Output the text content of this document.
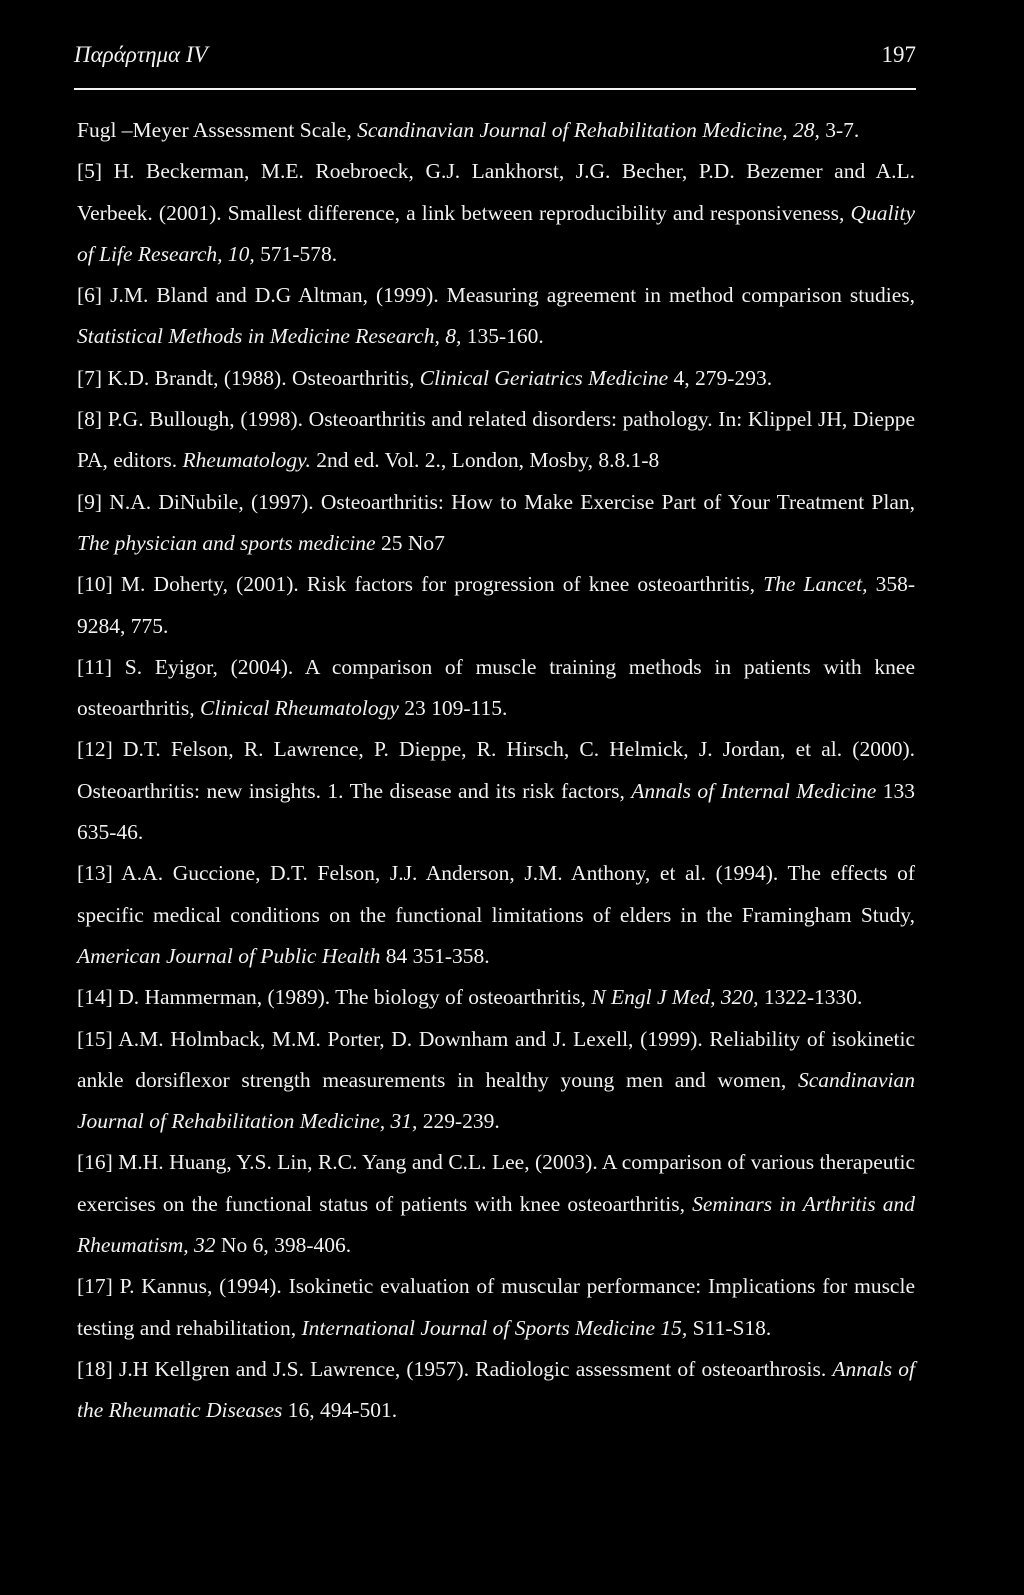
Παράρτημα IV	197

Fugl –Meyer Assessment Scale, Scandinavian Journal of Rehabilitation Medicine, 28, 3-7.

[5] H. Beckerman, M.E. Roebroeck, G.J. Lankhorst, J.G. Becher, P.D. Bezemer and A.L. Verbeek. (2001). Smallest difference, a link between reproducibility and responsiveness, Quality of Life Research, 10, 571-578.

[6] J.M. Bland and D.G Altman, (1999). Measuring agreement in method comparison studies, Statistical Methods in Medicine Research, 8, 135-160.

[7] K.D. Brandt, (1988). Osteoarthritis, Clinical Geriatrics Medicine 4, 279-293.

[8] P.G. Bullough, (1998). Osteoarthritis and related disorders: pathology. In: Klippel JH, Dieppe PA, editors. Rheumatology. 2nd ed. Vol. 2., London, Mosby, 8.8.1-8

[9] N.A. DiNubile, (1997). Osteoarthritis: How to Make Exercise Part of Your Treatment Plan, The physician and sports medicine 25 No7

[10] M. Doherty, (2001). Risk factors for progression of knee osteoarthritis, The Lancet, 358-9284, 775.

[11] S. Eyigor, (2004). A comparison of muscle training methods in patients with knee osteoarthritis, Clinical Rheumatology 23 109-115.

[12] D.T. Felson, R. Lawrence, P. Dieppe, R. Hirsch, C. Helmick, J. Jordan, et al. (2000). Osteoarthritis: new insights. 1. The disease and its risk factors, Annals of Internal Medicine 133 635-46.

[13] A.A. Guccione, D.T. Felson, J.J. Anderson, J.M. Anthony, et al. (1994). The effects of specific medical conditions on the functional limitations of elders in the Framingham Study, American Journal of Public Health 84 351-358.

[14] D. Hammerman, (1989). The biology of osteoarthritis, N Engl J Med, 320, 1322-1330.

[15] A.M. Holmback, M.M. Porter, D. Downham and J. Lexell, (1999). Reliability of isokinetic ankle dorsiflexor strength measurements in healthy young men and women, Scandinavian Journal of Rehabilitation Medicine, 31, 229-239.

[16] M.H. Huang, Y.S. Lin, R.C. Yang and C.L. Lee, (2003). A comparison of various therapeutic exercises on the functional status of patients with knee osteoarthritis, Seminars in Arthritis and Rheumatism, 32 No 6, 398-406.

[17] P. Kannus, (1994). Isokinetic evaluation of muscular performance: Implications for muscle testing and rehabilitation, International Journal of Sports Medicine 15, S11-S18.

[18] J.H Kellgren and J.S. Lawrence, (1957). Radiologic assessment of osteoarthrosis. Annals of the Rheumatic Diseases 16, 494-501.
